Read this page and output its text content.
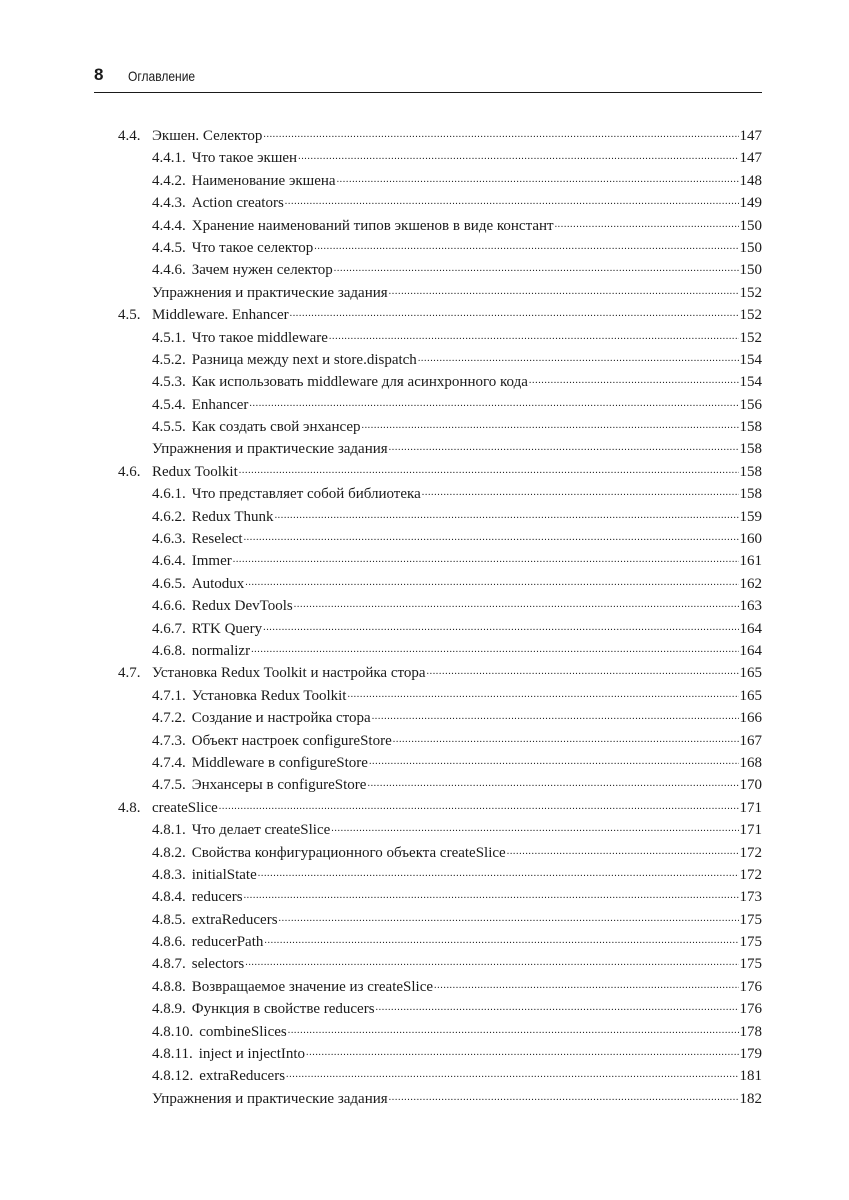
8 Оглавление
4.4. Экшен. Селектор .....	147
4.4.1. Что такое экшен .....	147
4.4.2. Наименование экшена .....	148
4.4.3. Action creators .....	149
4.4.4. Хранение наименований типов экшенов в виде констант .....	150
4.4.5. Что такое селектор .....	150
4.4.6. Зачем нужен селектор .....	150
Упражнения и практические задания .....	152
4.5. Middleware. Enhancer .....	152
4.5.1. Что такое middleware .....	152
4.5.2. Разница между next и store.dispatch .....	154
4.5.3. Как использовать middleware для асинхронного кода .....	154
4.5.4. Enhancer .....	156
4.5.5. Как создать свой энхансер .....	158
Упражнения и практические задания .....	158
4.6. Redux Toolkit .....	158
4.6.1. Что представляет собой библиотека .....	158
4.6.2. Redux Thunk .....	159
4.6.3. Reselect .....	160
4.6.4. Immer .....	161
4.6.5. Autodux .....	162
4.6.6. Redux DevTools .....	163
4.6.7. RTK Query .....	164
4.6.8. normalizr .....	164
4.7. Установка Redux Toolkit и настройка стора .....	165
4.7.1. Установка Redux Toolkit .....	165
4.7.2. Создание и настройка стора .....	166
4.7.3. Объект настроек configureStore .....	167
4.7.4. Middleware в configureStore .....	168
4.7.5. Энхансеры в configureStore .....	170
4.8. createSlice .....	171
4.8.1. Что делает createSlice .....	171
4.8.2. Свойства конфигурационного объекта createSlice .....	172
4.8.3. initialState .....	172
4.8.4. reducers .....	173
4.8.5. extraReducers .....	175
4.8.6. reducerPath .....	175
4.8.7. selectors .....	175
4.8.8. Возвращаемое значение из createSlice .....	176
4.8.9. Функция в свойстве reducers .....	176
4.8.10. combineSlices .....	178
4.8.11. inject и injectInto .....	179
4.8.12. extraReducers .....	181
Упражнения и практические задания .....	182
